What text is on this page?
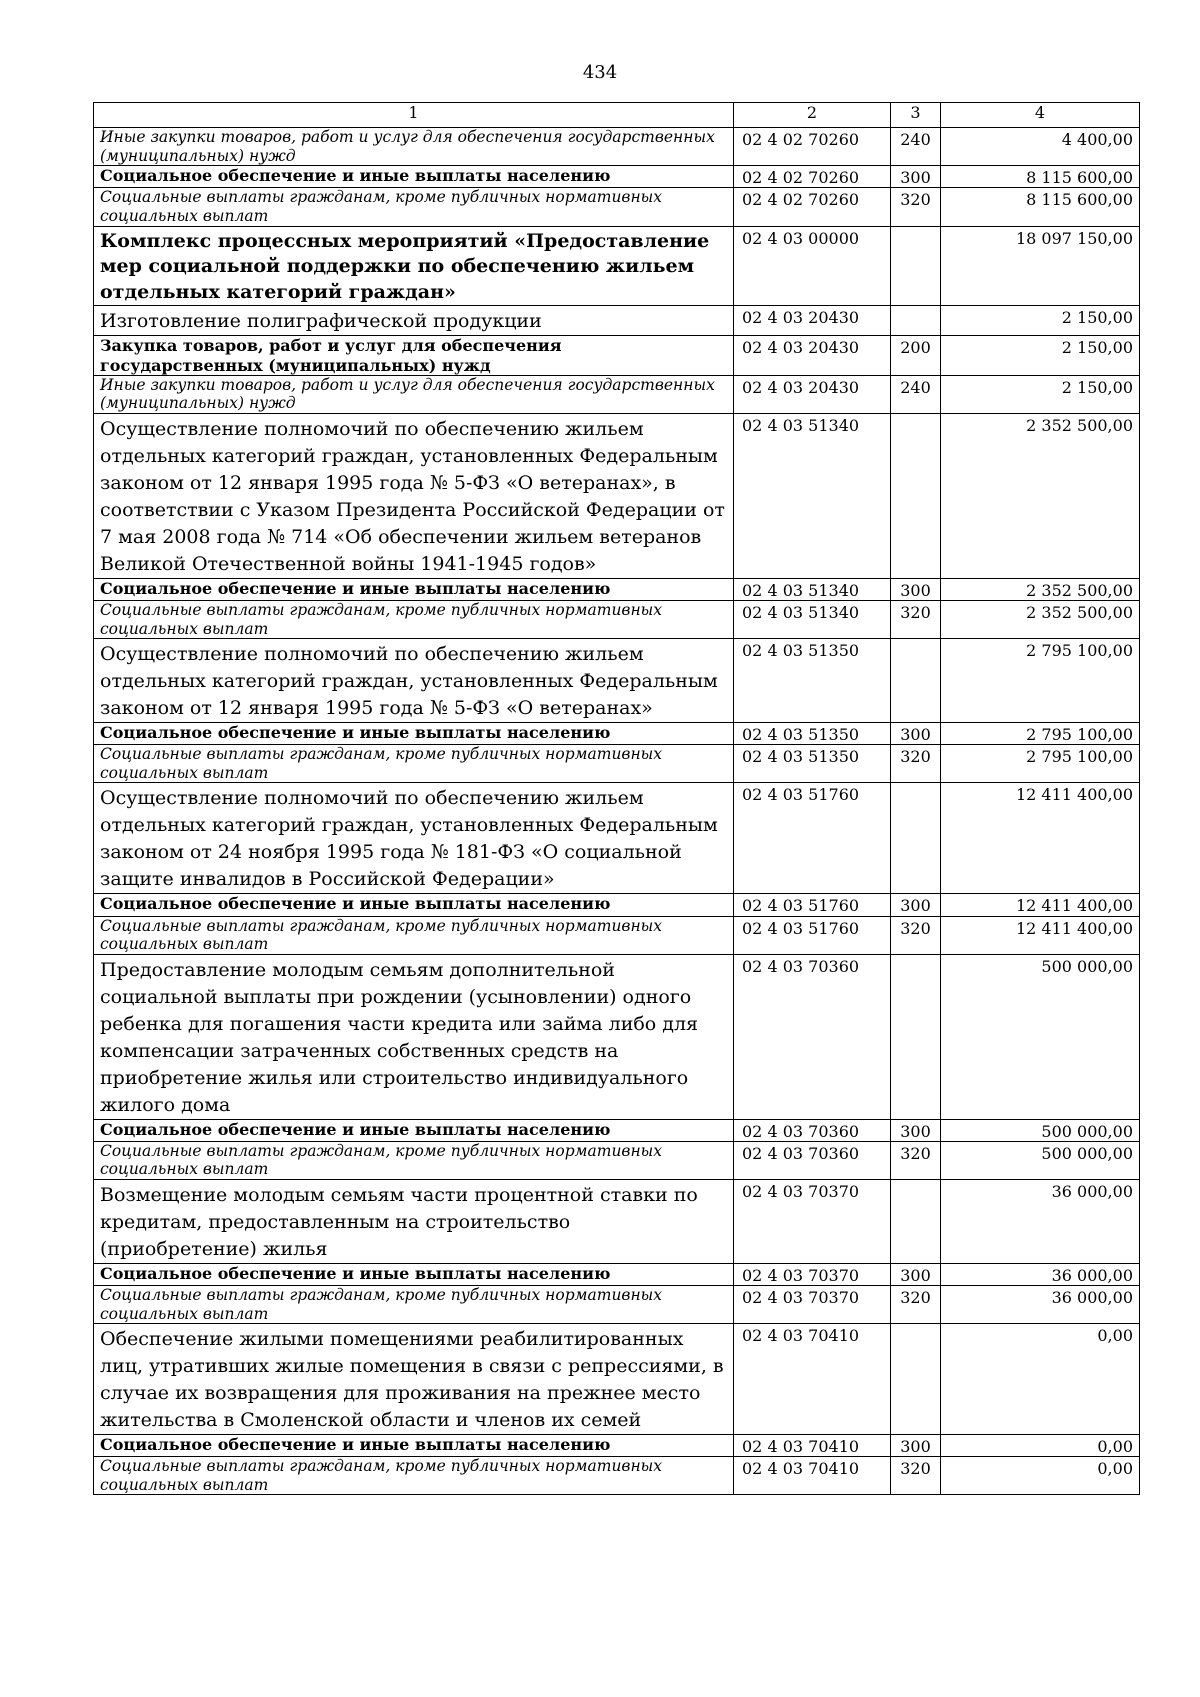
434
1	2	3	4
Иные закупки товаров, работ и услуг для обеспечения государственных (муниципальных) нужд	02 4 02 70260	240	4 400,00
Социальное обеспечение и иные выплаты населению	02 4 02 70260	300	8 115 600,00
Социальные выплаты гражданам, кроме публичных нормативных социальных выплат	02 4 02 70260	320	8 115 600,00
Комплекс процессных мероприятий «Предоставление мер социальной поддержки по обеспечению жильем отдельных категорий граждан»	02 4 03 00000		18 097 150,00
Изготовление полиграфической продукции	02 4 03 20430		2 150,00
Закупка товаров, работ и услуг для обеспечения государственных (муниципальных) нужд	02 4 03 20430	200	2 150,00
Иные закупки товаров, работ и услуг для обеспечения государственных (муниципальных) нужд	02 4 03 20430	240	2 150,00
Осуществление полномочий по обеспечению жильем отдельных категорий граждан, установленных Федеральным законом от 12 января 1995 года № 5-ФЗ «О ветеранах», в соответствии с Указом Президента Российской Федерации от 7 мая 2008 года № 714 «Об обеспечении жильем ветеранов Великой Отечественной войны 1941-1945 годов»	02 4 03 51340		2 352 500,00
Социальное обеспечение и иные выплаты населению	02 4 03 51340	300	2 352 500,00
Социальные выплаты гражданам, кроме публичных нормативных социальных выплат	02 4 03 51340	320	2 352 500,00
Осуществление полномочий по обеспечению жильем отдельных категорий граждан, установленных Федеральным законом от 12 января 1995 года № 5-ФЗ «О ветеранах»	02 4 03 51350		2 795 100,00
Социальное обеспечение и иные выплаты населению	02 4 03 51350	300	2 795 100,00
Социальные выплаты гражданам, кроме публичных нормативных социальных выплат	02 4 03 51350	320	2 795 100,00
Осуществление полномочий по обеспечению жильем отдельных категорий граждан, установленных Федеральным законом от 24 ноября 1995 года № 181-ФЗ «О социальной защите инвалидов в Российской Федерации»	02 4 03 51760		12 411 400,00
Социальное обеспечение и иные выплаты населению	02 4 03 51760	300	12 411 400,00
Социальные выплаты гражданам, кроме публичных нормативных социальных выплат	02 4 03 51760	320	12 411 400,00
Предоставление молодым семьям дополнительной социальной выплаты при рождении (усыновлении) одного ребенка для погашения части кредита или займа либо для компенсации затраченных собственных средств на приобретение жилья или строительство индивидуального жилого дома	02 4 03 70360		500 000,00
Социальное обеспечение и иные выплаты населению	02 4 03 70360	300	500 000,00
Социальные выплаты гражданам, кроме публичных нормативных социальных выплат	02 4 03 70360	320	500 000,00
Возмещение молодым семьям части процентной ставки по кредитам, предоставленным на строительство (приобретение) жилья	02 4 03 70370		36 000,00
Социальное обеспечение и иные выплаты населению	02 4 03 70370	300	36 000,00
Социальные выплаты гражданам, кроме публичных нормативных социальных выплат	02 4 03 70370	320	36 000,00
Обеспечение жилыми помещениями реабилитированных лиц, утративших жилые помещения в связи с репрессиями, в случае их возвращения для проживания на прежнее место жительства в Смоленской области и членов их семей	02 4 03 70410		0,00
Социальное обеспечение и иные выплаты населению	02 4 03 70410	300	0,00
Социальные выплаты гражданам, кроме публичных нормативных социальных выплат	02 4 03 70410	320	0,00
